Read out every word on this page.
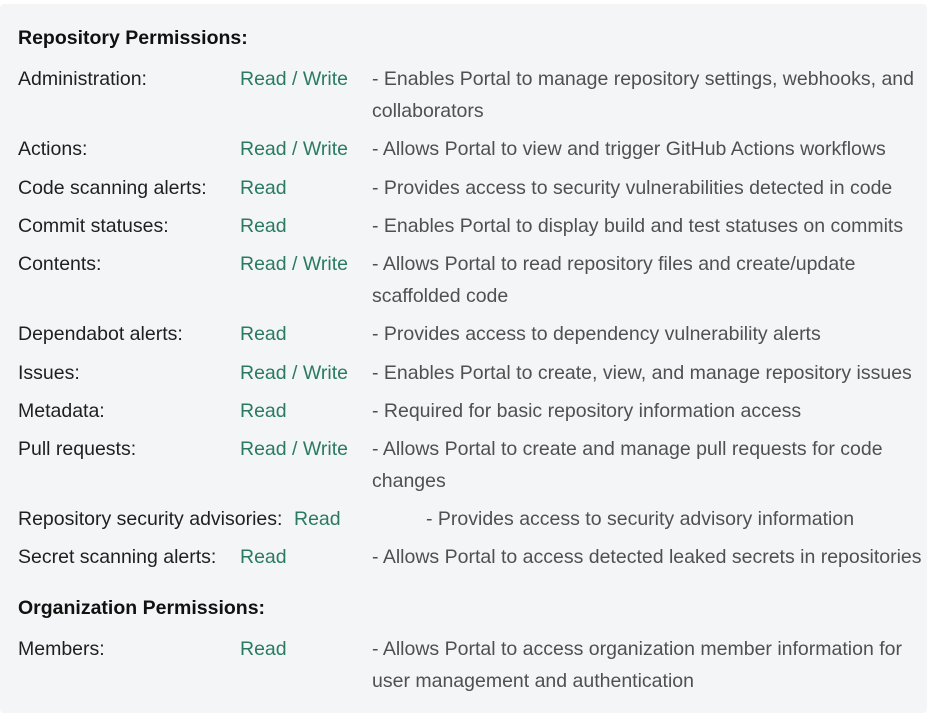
Repository Permissions:
Administration:	Read / Write - Enables Portal to manage repository settings, webhooks, and collaborators
Actions:	Read / Write - Allows Portal to view and trigger GitHub Actions workflows
Code scanning alerts: Read	- Provides access to security vulnerabilities detected in code
Commit statuses:	Read	- Enables Portal to display build and test statuses on commits
Contents:	Read / Write - Allows Portal to read repository files and create/update scaffolded code
Dependabot alerts:	Read	- Provides access to dependency vulnerability alerts
Issues:	Read / Write - Enables Portal to create, view, and manage repository issues
Metadata:	Read	- Required for basic repository information access
Pull requests:	Read / Write - Allows Portal to create and manage pull requests for code changes
Repository security advisories: Read	- Provides access to security advisory information
Secret scanning alerts: Read	- Allows Portal to access detected leaked secrets in repositories
Organization Permissions:
Members:	Read	- Allows Portal to access organization member information for user management and authentication
